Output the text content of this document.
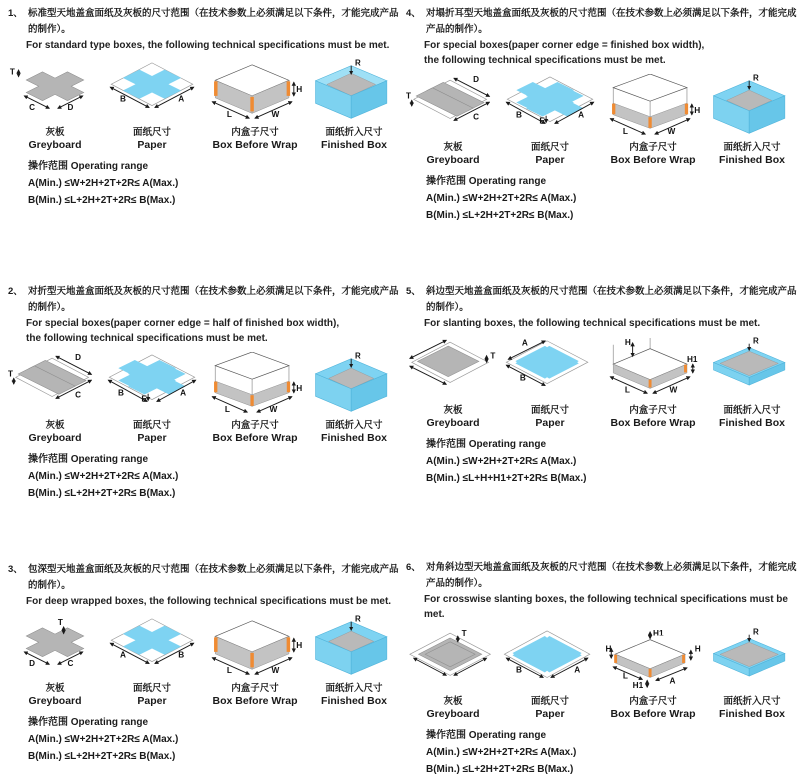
1、 标准型天地盖盒面纸及灰板的尺寸范围（在技术参数上必须满足以下条件，才能完成产品的制作）。
For standard type boxes, the following technical specifications must be met.
T
C	D
灰板
Greyboard
B	A
面纸尺寸
Paper
L	W
H
内盒子尺寸
Box Before Wrap
R
面纸折入尺寸
Finished Box
操作范围 Operating range
A(Min.) ≤W+2H+2T+2R≤ A(Max.)
B(Min.) ≤L+2H+2T+2R≤ B(Max.)
4、 对塌折耳型天地盖盒面纸及灰板的尺寸范围（在技术参数上必须满足以下条件，才能完成产品的制作）。
For special boxes(paper corner edge = finished box width),
the following technical specifications must be met.
T
D
C
灰板
Greyboard
B
E
A
面纸尺寸
Paper
L	W
H
内盒子尺寸
Box Before Wrap
R
面纸折入尺寸
Finished Box
操作范围 Operating range
A(Min.) ≤W+2H+2T+2R≤ A(Max.)
B(Min.) ≤L+2H+2T+2R≤ B(Max.)
2、 对折型天地盖盒面纸及灰板的尺寸范围（在技术参数上必须满足以下条件，才能完成产品的制作）。
For special boxes(paper corner edge = half of finished box width),
the following technical specifications must be met.
T
D
C
灰板
Greyboard
B
E
A
面纸尺寸
Paper
L	W
H
内盒子尺寸
Box Before Wrap
R
面纸折入尺寸
Finished Box
操作范围 Operating range
A(Min.) ≤W+2H+2T+2R≤ A(Max.)
B(Min.) ≤L+2H+2T+2R≤ B(Max.)
5、 斜边型天地盖盒面纸及灰板的尺寸范围（在技术参数上必须满足以下条件，才能完成产品的制作）。
For slanting boxes, the following technical specifications must be met.
T
灰板
Greyboard
A
B
面纸尺寸
Paper
H
H1
L	W
内盒子尺寸
Box Before Wrap
R
面纸折入尺寸
Finished Box
操作范围 Operating range
A(Min.) ≤W+2H+2T+2R≤ A(Max.)
B(Min.) ≤L+H+H1+2T+2R≤ B(Max.)
3、 包深型天地盖盒面纸及灰板的尺寸范围（在技术参数上必须满足以下条件，才能完成产品的制作）。
For deep wrapped boxes, the following technical specifications must be met.
T
D	C
灰板
Greyboard
A	B
面纸尺寸
Paper
L	W
H
内盒子尺寸
Box Before Wrap
R
面纸折入尺寸
Finished Box
操作范围 Operating range
A(Min.) ≤W+2H+2T+2R≤ A(Max.)
B(Min.) ≤L+2H+2T+2R≤ B(Max.)
6、 对角斜边型天地盖盒面纸及灰板的尺寸范围（在技术参数上必须满足以下条件，才能完成产品的制作）。
For crosswise slanting boxes, the following technical specifications must be met.
T
灰板
Greyboard
B	A
面纸尺寸
Paper
H1
H	H
L
H1
A
内盒子尺寸
Box Before Wrap
R
面纸折入尺寸
Finished Box
操作范围 Operating range
A(Min.) ≤W+2H+2T+2R≤ A(Max.)
B(Min.) ≤L+2H+2T+2R≤ B(Max.)
